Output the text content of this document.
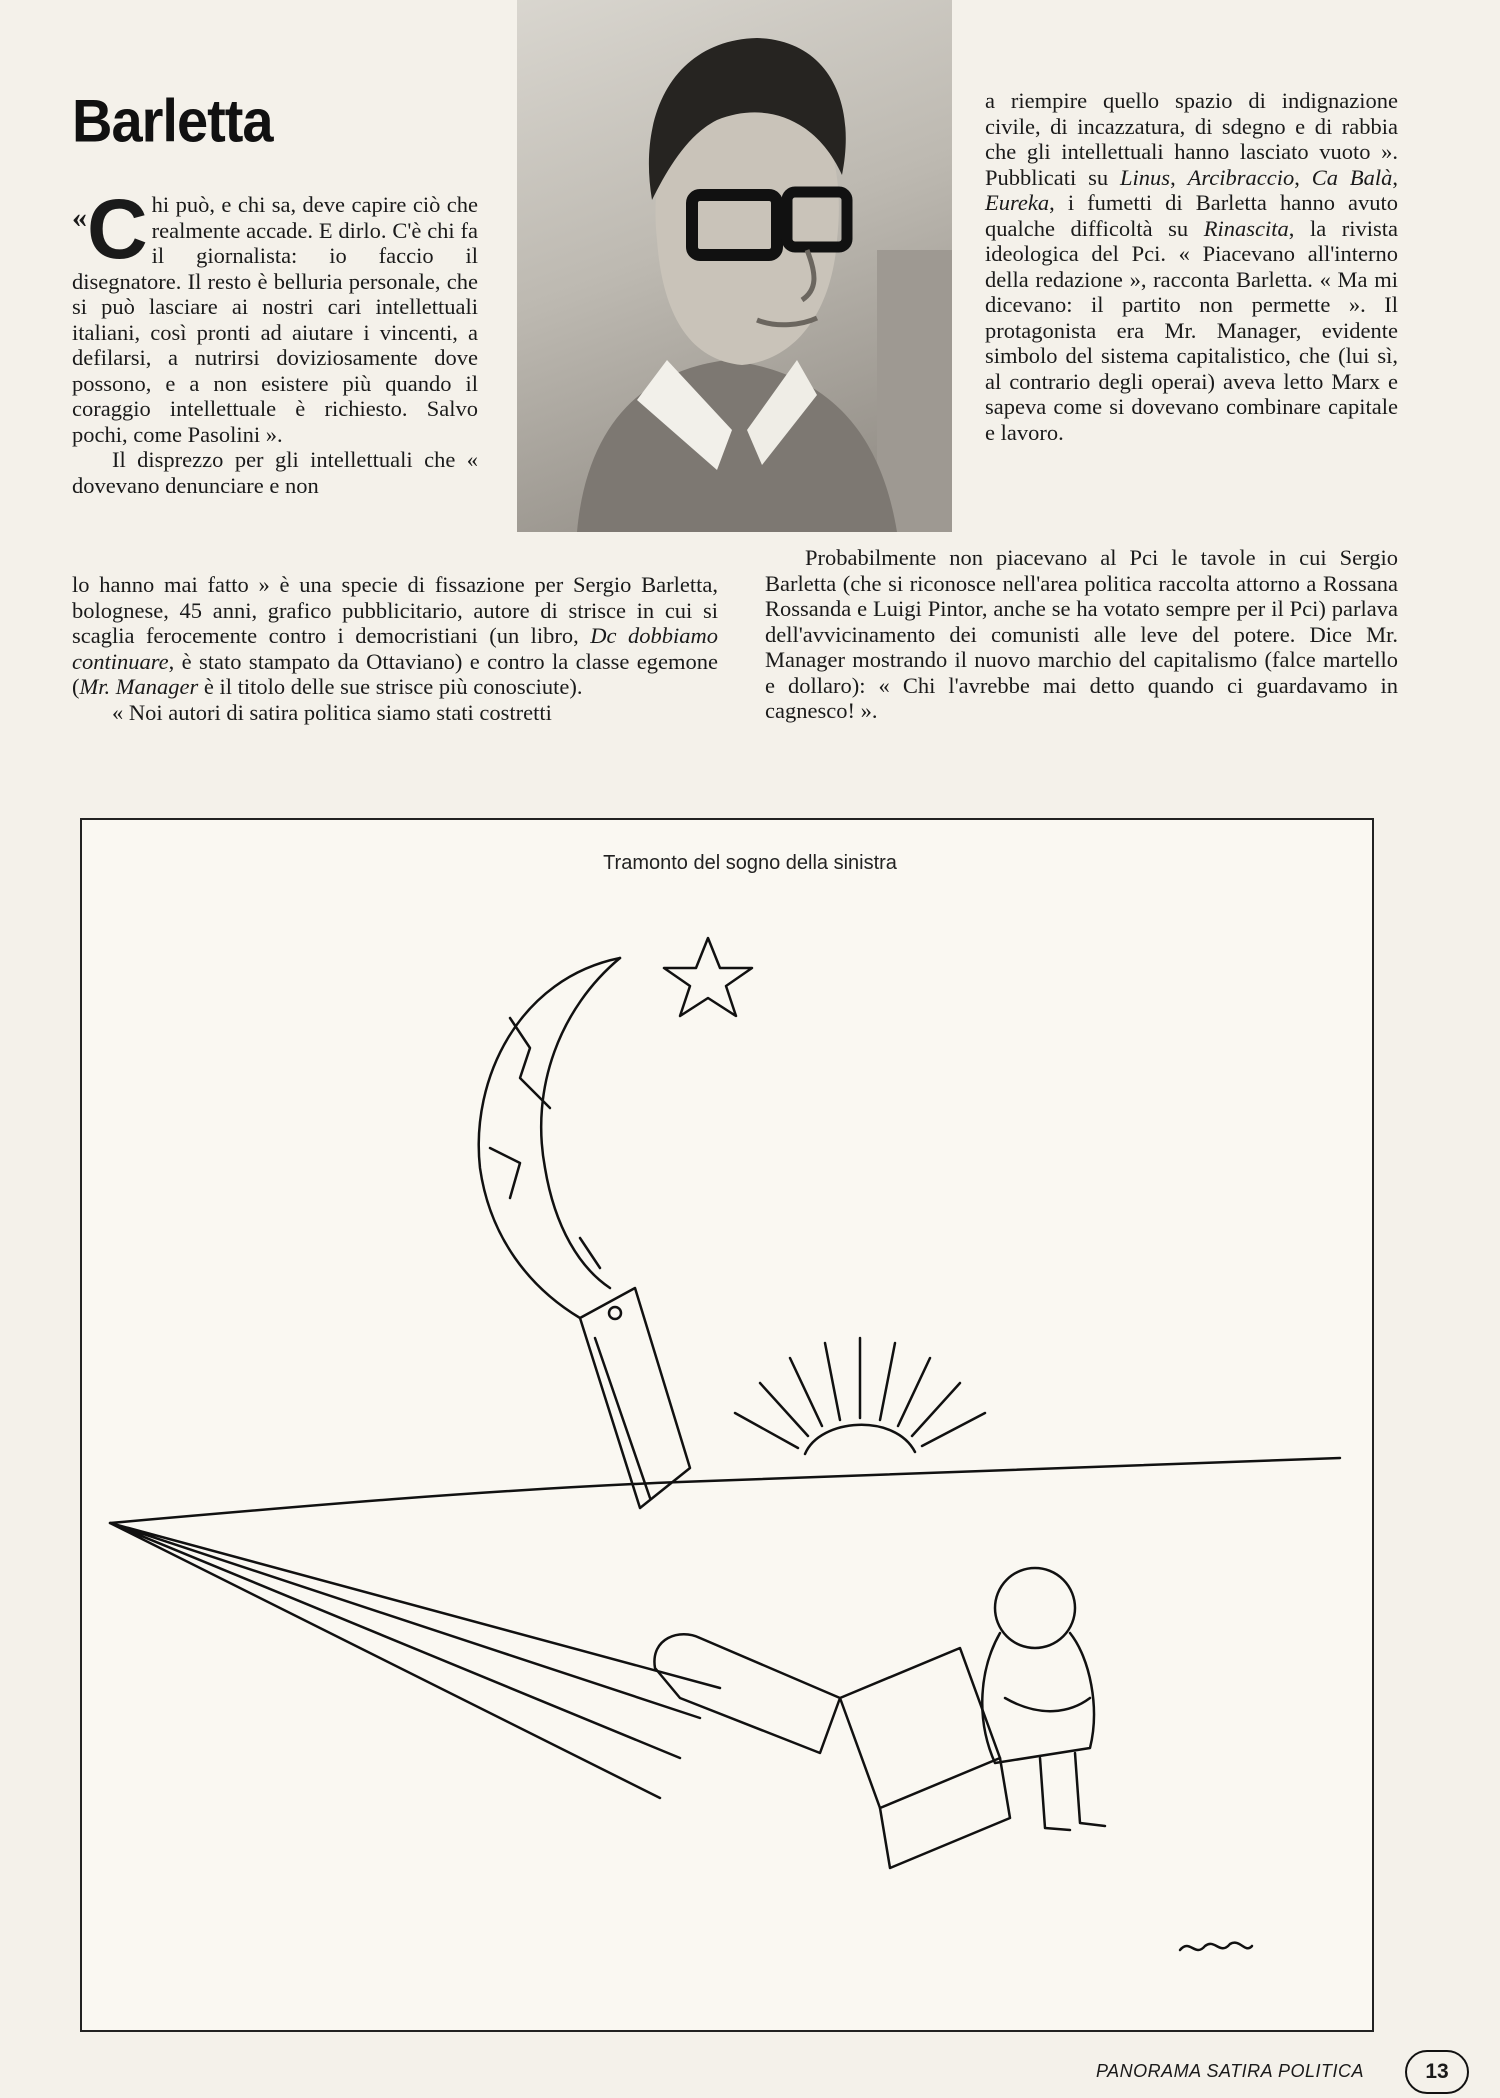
Barletta

« C hi può, e chi sa, deve capire ciò che realmente accade. E dirlo. C'è chi fa il giornalista: io faccio il disegnatore. Il resto è belluria personale, che si può lasciare ai nostri cari intellettuali italiani, così pronti ad aiutare i vincenti, a defilarsi, a nutrirsi doviziosamente dove possono, e a non esistere più quando il coraggio intellettuale è richiesto. Salvo pochi, come Pasolini ».

Il disprezzo per gli intellettuali che « dovevano denunciare e non

lo hanno mai fatto » è una specie di fissazione per Sergio Barletta, bolognese, 45 anni, grafico pubblicitario, autore di strisce in cui si scaglia ferocemente contro i democristiani (un libro, Dc dobbiamo continuare, è stato stampato da Ottaviano) e contro la classe egemone (Mr. Manager è il titolo delle sue strisce più conosciute).

« Noi autori di satira politica siamo stati costretti

a riempire quello spazio di indignazione civile, di incazzatura, di sdegno e di rabbia che gli intellettuali hanno lasciato vuoto ». Pubblicati su Linus, Arcibraccio, Ca Balà, Eureka, i fumetti di Barletta hanno avuto qualche difficoltà su Rinascita, la rivista ideologica del Pci. « Piacevano all'interno della redazione », racconta Barletta. « Ma mi dicevano: il partito non permette ». Il protagonista era Mr. Manager, evidente simbolo del sistema capitalistico, che (lui sì, al contrario degli operai) aveva letto Marx e sapeva come si dovevano combinare capitale e lavoro.

Probabilmente non piacevano al Pci le tavole in cui Sergio Barletta (che si riconosce nell'area politica raccolta attorno a Rossana Rossanda e Luigi Pintor, anche se ha votato sempre per il Pci) parlava dell'avvicinamento dei comunisti alle leve del potere. Dice Mr. Manager mostrando il nuovo marchio del capitalismo (falce martello e dollaro): « Chi l'avrebbe mai detto quando ci guardavamo in cagnesco! ».

Tramonto del sogno della sinistra
PANORAMA SATIRA POLITICA	13
